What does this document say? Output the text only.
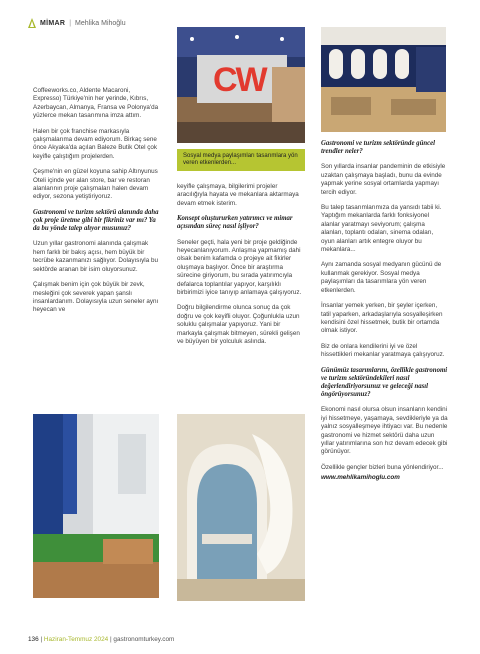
MİMAR | Mehlika Mihoğlu

Coffeeworks.co, Aldente Macaroni, Expresso) Türkiye'nin her yerinde, Kıbrıs, Azerbaycan, Almanya, Fransa ve Polonya'da yüzlerce mekan tasarımına imza attım.

Halen bir çok franchise markasıyla çalışmalarıma devam ediyorum. Birkaç sene önce Akyaka'da açılan Baleze Butik Otel çok keyifle çalıştığım projelerden.

Çeşme'nin en güzel koyuna sahip Altınyunus Oteli içinde yer alan store, bar ve restoran alanlarının proje çalışmaları halen devam ediyor, sezona yetiştiriyoruz.

Gastronomi ve turizm sektörü alanında daha çok proje üretme gibi bir fikriniz var mı? Ya da bu yönde talep alıyor musunuz?

Uzun yıllar gastronomi alanında çalışmak hem farklı bir bakış açısı, hem büyük bir tecrübe kazanmanızı sağlıyor. Dolayısıyla bu sektörde aranan bir isim oluyorsunuz.

Çalışmak benim için çok büyük bir zevk, mesleğini çok severek yapan şanslı insanlardanım. Dolayısıyla uzun seneler aynı heyecan ve

CW
Sosyal medya paylaşımları tasarımlara yön veren etkenlerden...

keyifle çalışmaya, bilgilerimi projeler aracılığıyla hayata ve mekanlara aktarmaya devam etmek isterim.

Konsept oluştururken yatırımcı ve mimar açısından süreç nasıl işliyor?

Seneler geçti, hala yeni bir proje geldiğinde heyecanlanıyorum. Anlaşma yapmamış dahi olsak benim kafamda o projeye ait fikirler oluşmaya başlıyor. Önce bir araştırma sürecine giriyorum, bu sırada yatırımcıyla defalarca toplantılar yapıyor, karşılıklı birbirimizi iyice tanıyıp anlamaya çalışıyoruz.

Doğru bilgilendirme olunca sonuç da çok doğru ve çok keyifli oluyor. Çoğunlukla uzun soluklu çalışmalar yapıyoruz. Yani bir markayla çalışmak bitmeyen, sürekli gelişen ve büyüyen bir yolculuk aslında.

Gastronomi ve turizm sektöründe güncel trendler neler?

Son yıllarda insanlar pandeminin de etkisiyle uzaktan çalışmaya başladı, bunu da evinde yapmak yerine sosyal ortamlarda yapmayı tercih ediyor.

Bu talep tasarımlarımıza da yansıdı tabii ki. Yaptığım mekanlarda farklı fonksiyonel alanlar yaratmayı seviyorum; çalışma alanları, toplantı odaları, sinema odaları, oyun alanları artık entegre oluyor bu mekanlara...

Aynı zamanda sosyal medyanın gücünü de kullanmak gerekiyor. Sosyal medya paylaşımları da tasarımlara yön veren etkenlerden.

İnsanlar yemek yerken, bir şeyler içerken, tatil yaparken, arkadaşlarıyla sosyalleşirken kendisini özel hissetmek, butik bir ortamda olmak istiyor.

Biz de onlara kendilerini iyi ve özel hissettikleri mekanlar yaratmaya çalışıyoruz.

Günümüz tasarımlarını, özellikle gastronomi ve turizm sektöründekileri nasıl değerlendiriyorsunuz ve geleceği nasıl öngörüyorsunuz?

Ekonomi nasıl olursa olsun insanların kendini iyi hissetmeye, yaşamaya, sevdikleriyle ya da yalnız sosyalleşmeye ihtiyacı var. Bu nedenle gastronomi ve hizmet sektörü daha uzun yıllar yatırımlarına son hız devam edecek gibi görünüyor.

Özellikle gençler bizleri buna yönlendiriyor...

www.mehlikamihoglu.com

136 | Haziran-Temmuz 2024 | gastronomturkey.com
